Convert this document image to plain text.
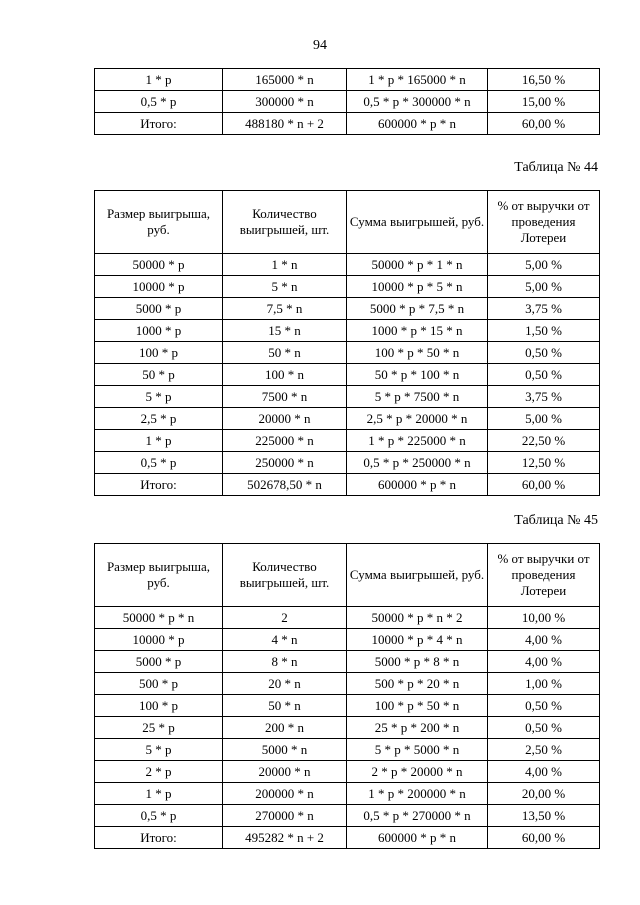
94
1 * p	165000 * n	1 * p * 165000 * n	16,50 %
0,5 * p	300000 * n	0,5 * p * 300000 * n	15,00 %
Итого:	488180 * n + 2	600000 * p * n	60,00 %
Таблица № 44
Размер выигрыша, руб.	Количество выигрышей, шт.	Сумма выигрышей, руб.	% от выручки от проведения Лотереи
50000 * p	1 * n	50000 * p * 1 * n	5,00 %
10000 * p	5 * n	10000 * p * 5 * n	5,00 %
5000 * p	7,5 * n	5000 * p * 7,5 * n	3,75 %
1000 * p	15 * n	1000 * p * 15 * n	1,50 %
100 * p	50 * n	100 * p * 50 * n	0,50 %
50 * p	100 * n	50 * p * 100 * n	0,50 %
5 * p	7500 * n	5 * p * 7500 * n	3,75 %
2,5 * p	20000 * n	2,5 * p * 20000 * n	5,00 %
1 * p	225000 * n	1 * p * 225000 * n	22,50 %
0,5 * p	250000 * n	0,5 * p * 250000 * n	12,50 %
Итого:	502678,50 * n	600000 * p * n	60,00 %
Таблица № 45
Размер выигрыша, руб.	Количество выигрышей, шт.	Сумма выигрышей, руб.	% от выручки от проведения Лотереи
50000 * p * n	2	50000 * p * n * 2	10,00 %
10000 * p	4 * n	10000 * p * 4 * n	4,00 %
5000 * p	8 * n	5000 * p * 8 * n	4,00 %
500 * p	20 * n	500 * p * 20 * n	1,00 %
100 * p	50 * n	100 * p * 50 * n	0,50 %
25 * p	200 * n	25 * p * 200 * n	0,50 %
5 * p	5000 * n	5 * p * 5000 * n	2,50 %
2 * p	20000 * n	2 * p * 20000 * n	4,00 %
1 * p	200000 * n	1 * p * 200000 * n	20,00 %
0,5 * p	270000 * n	0,5 * p * 270000 * n	13,50 %
Итого:	495282 * n + 2	600000 * p * n	60,00 %
